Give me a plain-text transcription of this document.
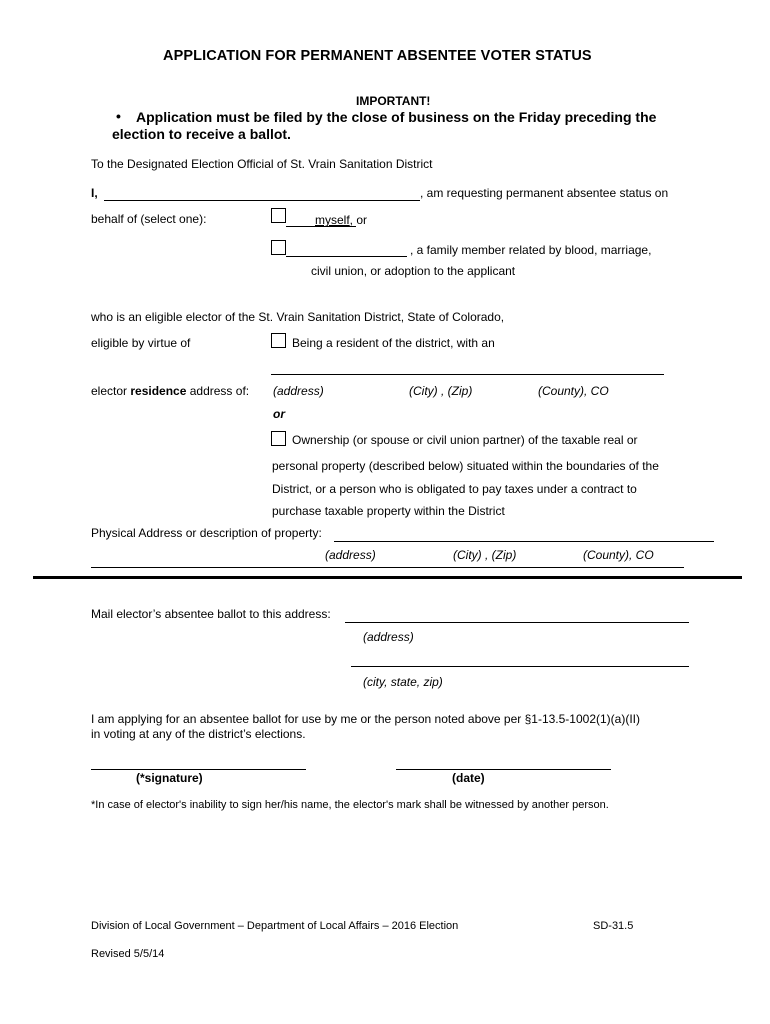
APPLICATION FOR PERMANENT ABSENTEE VOTER STATUS
IMPORTANT!
• Application must be filed by the close of business on the Friday preceding the
election to receive a ballot.
To the Designated Election Official of St. Vrain Sanitation District
I,	, am requesting permanent absentee status on
behalf of (select one):	myself, or
, a family member related by blood, marriage,
civil union, or adoption to the applicant
who is an eligible elector of the St. Vrain Sanitation District, State of Colorado,
eligible by virtue of	Being a resident of the district, with an
elector residence address of: (address)	(City) , (Zip)	(County), CO
or
Ownership (or spouse or civil union partner) of the taxable real or
personal property (described below) situated within the boundaries of the
District, or a person who is obligated to pay taxes under a contract to
purchase taxable property within the District
Physical Address or description of property:
(address)	(City) , (Zip)	(County), CO
Mail elector’s absentee ballot to this address:
(address)
(city, state, zip)
I am applying for an absentee ballot for use by me or the person noted above per §1-13.5-1002(1)(a)(II)
in voting at any of the district’s elections.
(*signature)	(date)
*In case of elector's inability to sign her/his name, the elector's mark shall be witnessed by another person.
Division of Local Government – Department of Local Affairs – 2016 Election	SD-31.5
Revised 5/5/14
